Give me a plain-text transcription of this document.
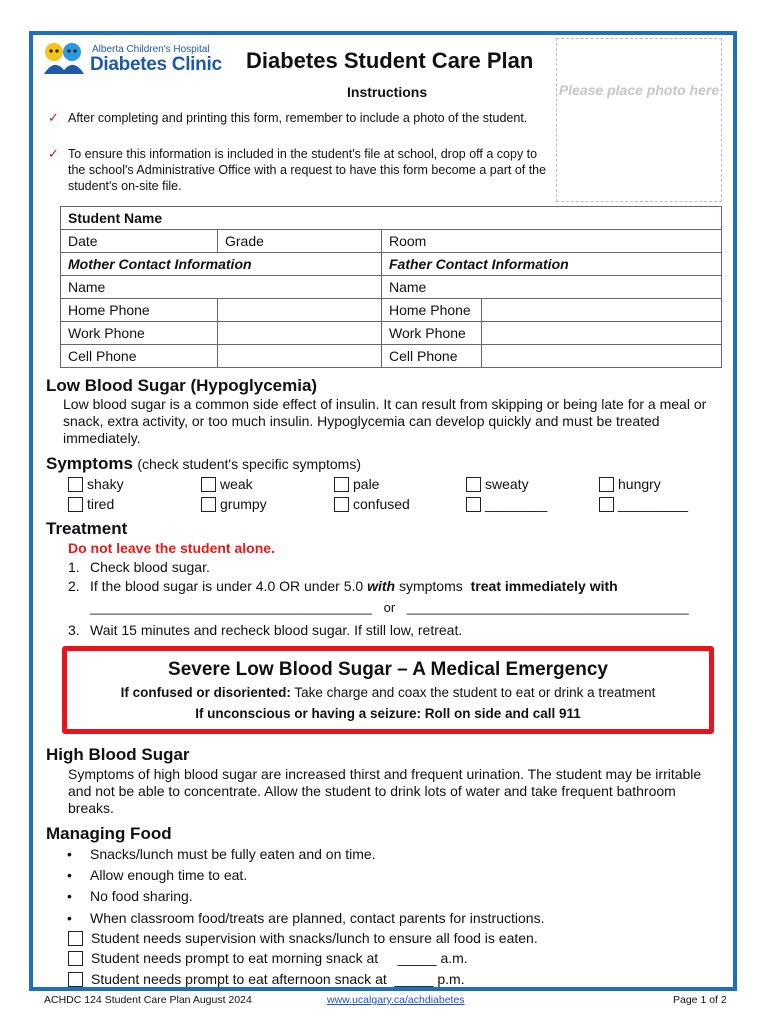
Alberta Children's Hospital
Diabetes Clinic Diabetes Student Care Plan
Instructions	Please place photo here
✓ After completing and printing this form, remember to include a photo of the student.
✓ To ensure this information is included in the student's file at school, drop off a copy to the school's Administrative Office with a request to have this form become a part of the student's on-site file.
Student Name			
Date	Grade	Room	
Mother Contact Information		Father Contact Information	
Name		Name	
Home Phone		Home Phone	
Work Phone		Work Phone	
Cell Phone		Cell Phone	
Low Blood Sugar (Hypoglycemia)
Low blood sugar is a common side effect of insulin. It can result from skipping or being late for a meal or snack, extra activity, or too much insulin. Hypoglycemia can develop quickly and must be treated immediately.
Symptoms (check student's specific symptoms)
shaky	weak	pale	sweaty	hungry
tired	grumpy	confused	________	_________
Treatment
Do not leave the student alone.
1. Check blood sugar.
2. If the blood sugar is under 4.0 OR under 5.0 with symptoms treat immediately with
_______________________________________ or _______________________________________
3. Wait 15 minutes and recheck blood sugar. If still low, retreat.
Severe Low Blood Sugar – A Medical Emergency
If confused or disoriented: Take charge and coax the student to eat or drink a treatment
If unconscious or having a seizure: Roll on side and call 911
High Blood Sugar
Symptoms of high blood sugar are increased thirst and frequent urination. The student may be irritable and not be able to concentrate. Allow the student to drink lots of water and take frequent bathroom breaks.
Managing Food
• Snacks/lunch must be fully eaten and on time.
• Allow enough time to eat.
• No food sharing.
• When classroom food/treats are planned, contact parents for instructions.
Student needs supervision with snacks/lunch to ensure all food is eaten.
Student needs prompt to eat morning snack at     _____ a.m.
Student needs prompt to eat afternoon snack at  _____ p.m.
ACHDC 124 Student Care Plan August 2024	www.ucalgary.ca/achdiabetes	Page 1 of 2
